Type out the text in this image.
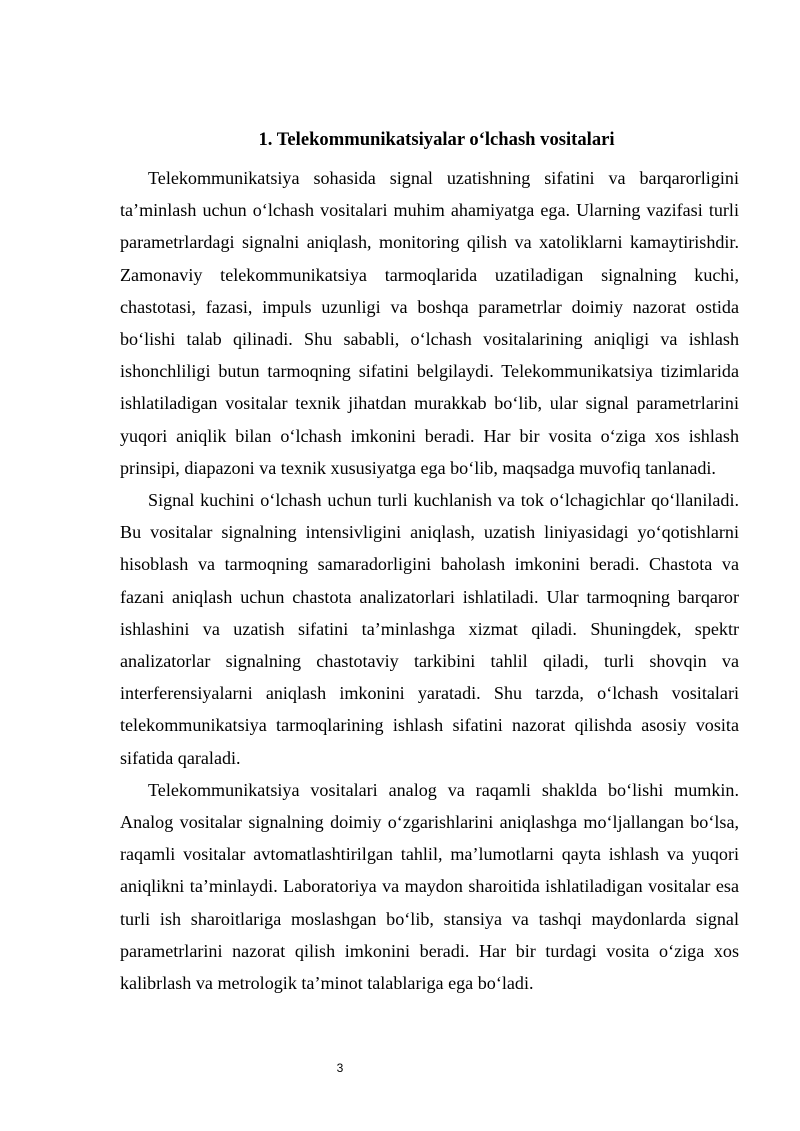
1. Telekommunikatsiyalar o‘lchash vositalari

Telekommunikatsiya sohasida signal uzatishning sifatini va barqarorligini ta’minlash uchun o‘lchash vositalari muhim ahamiyatga ega. Ularning vazifasi turli parametrlardagi signalni aniqlash, monitoring qilish va xatoliklarni kamaytirishdir. Zamonaviy telekommunikatsiya tarmoqlarida uzatiladigan signalning kuchi, chastotasi, fazasi, impuls uzunligi va boshqa parametrlar doimiy nazorat ostida bo‘lishi talab qilinadi. Shu sababli, o‘lchash vositalarining aniqligi va ishlash ishonchliligi butun tarmoqning sifatini belgilaydi. Telekommunikatsiya tizimlarida ishlatiladigan vositalar texnik jihatdan murakkab bo‘lib, ular signal parametrlarini yuqori aniqlik bilan o‘lchash imkonini beradi. Har bir vosita o‘ziga xos ishlash prinsipi, diapazoni va texnik xususiyatga ega bo‘lib, maqsadga muvofiq tanlanadi.

Signal kuchini o‘lchash uchun turli kuchlanish va tok o‘lchagichlar qo‘llaniladi. Bu vositalar signalning intensivligini aniqlash, uzatish liniyasidagi yo‘qotishlarni hisoblash va tarmoqning samaradorligini baholash imkonini beradi. Chastota va fazani aniqlash uchun chastota analizatorlari ishlatiladi. Ular tarmoqning barqaror ishlashini va uzatish sifatini ta’minlashga xizmat qiladi. Shuningdek, spektr analizatorlar signalning chastotaviy tarkibini tahlil qiladi, turli shovqin va interferensiyalarni aniqlash imkonini yaratadi. Shu tarzda, o‘lchash vositalari telekommunikatsiya tarmoqlarining ishlash sifatini nazorat qilishda asosiy vosita sifatida qaraladi.

Telekommunikatsiya vositalari analog va raqamli shaklda bo‘lishi mumkin. Analog vositalar signalning doimiy o‘zgarishlarini aniqlashga mo‘ljallangan bo‘lsa, raqamli vositalar avtomatlashtirilgan tahlil, ma’lumotlarni qayta ishlash va yuqori aniqlikni ta’minlaydi. Laboratoriya va maydon sharoitida ishlatiladigan vositalar esa turli ish sharoitlariga moslashgan bo‘lib, stansiya va tashqi maydonlarda signal parametrlarini nazorat qilish imkonini beradi. Har bir turdagi vosita o‘ziga xos kalibrlash va metrologik ta’minot talablariga ega bo‘ladi.

3
